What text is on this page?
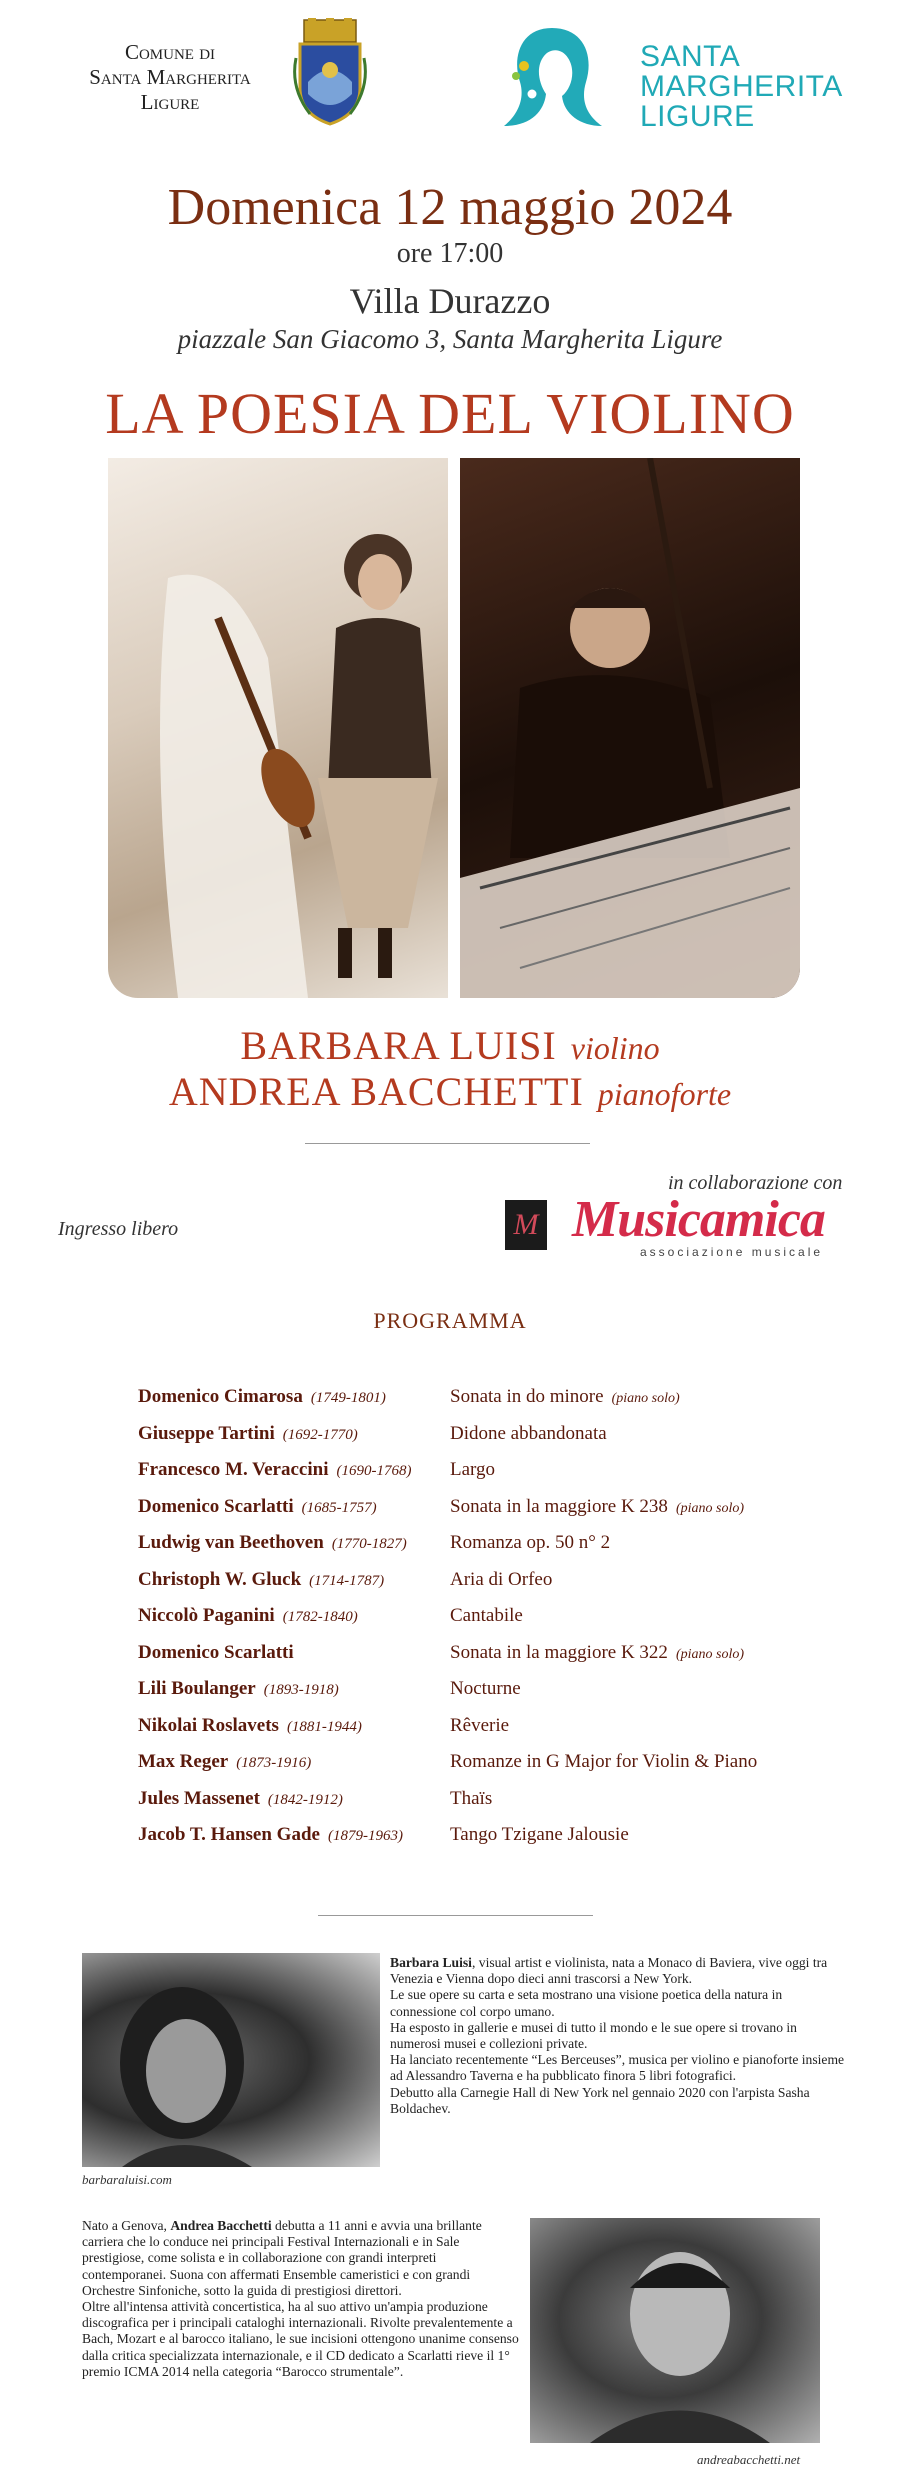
Comune di
Santa Margherita
Ligure
SANTA
MARGHERITA
LIGURE
Domenica 12 maggio 2024
ore 17:00
Villa Durazzo
piazzale San Giacomo 3, Santa Margherita Ligure
LA POESIA DEL VIOLINO
BARBARA LUISI violino
ANDREA BACCHETTI pianoforte
Ingresso libero
in collaborazione con
M Musicamica
associazione musicale
PROGRAMMA
Domenico Cimarosa (1749-1801)	Sonata in do minore (piano solo)
Giuseppe Tartini (1692-1770)	Didone abbandonata
Francesco M. Veraccini (1690-1768) Largo
Domenico Scarlatti (1685-1757)	Sonata in la maggiore K 238 (piano solo)
Ludwig van Beethoven (1770-1827) Romanza op. 50 n° 2
Christoph W. Gluck (1714-1787)	Aria di Orfeo
Niccolò Paganini (1782-1840)	Cantabile
Domenico Scarlatti	Sonata in la maggiore K 322 (piano solo)
Lili Boulanger (1893-1918)	Nocturne
Nikolai Roslavets (1881-1944)	Rêverie
Max Reger (1873-1916)	Romanze in G Major for Violin & Piano
Jules Massenet (1842-1912)	Thaïs
Jacob T. Hansen Gade (1879-1963) Tango Tzigane Jalousie

Barbara Luisi, visual artist e violinista, nata a Monaco di Baviera, vive oggi tra Venezia e Vienna dopo dieci anni trascorsi a New York.

Le sue opere su carta e seta mostrano una visione poetica della natura in connessione col corpo umano.

Ha esposto in gallerie e musei di tutto il mondo e le sue opere si trovano in numerosi musei e collezioni private.

Ha lanciato recentemente “Les Berceuses”, musica per violino e pianoforte insieme ad Alessandro Taverna e ha pubblicato finora 5 libri fotografici.

Debutto alla Carnegie Hall di New York nel gennaio 2020 con l'arpista Sasha Boldachev.

barbaraluisi.com

Nato a Genova, Andrea Bacchetti debutta a 11 anni e avvia una brillante carriera che lo conduce nei principali Festival Internazionali e in Sale prestigiose, come solista e in collaborazione con grandi interpreti contemporanei. Suona con affermati Ensemble cameristici e con grandi Orchestre Sinfoniche, sotto la guida di prestigiosi direttori.

Oltre all'intensa attività concertistica, ha al suo attivo un'ampia produzione discografica per i principali cataloghi internazionali. Rivolte prevalentemente a Bach, Mozart e al barocco italiano, le sue incisioni ottengono unanime consenso dalla critica specializzata internazionale, e il CD dedicato a Scarlatti rieve il 1° premio ICMA 2014 nella categoria “Barocco strumentale”.

andreabacchetti.net
